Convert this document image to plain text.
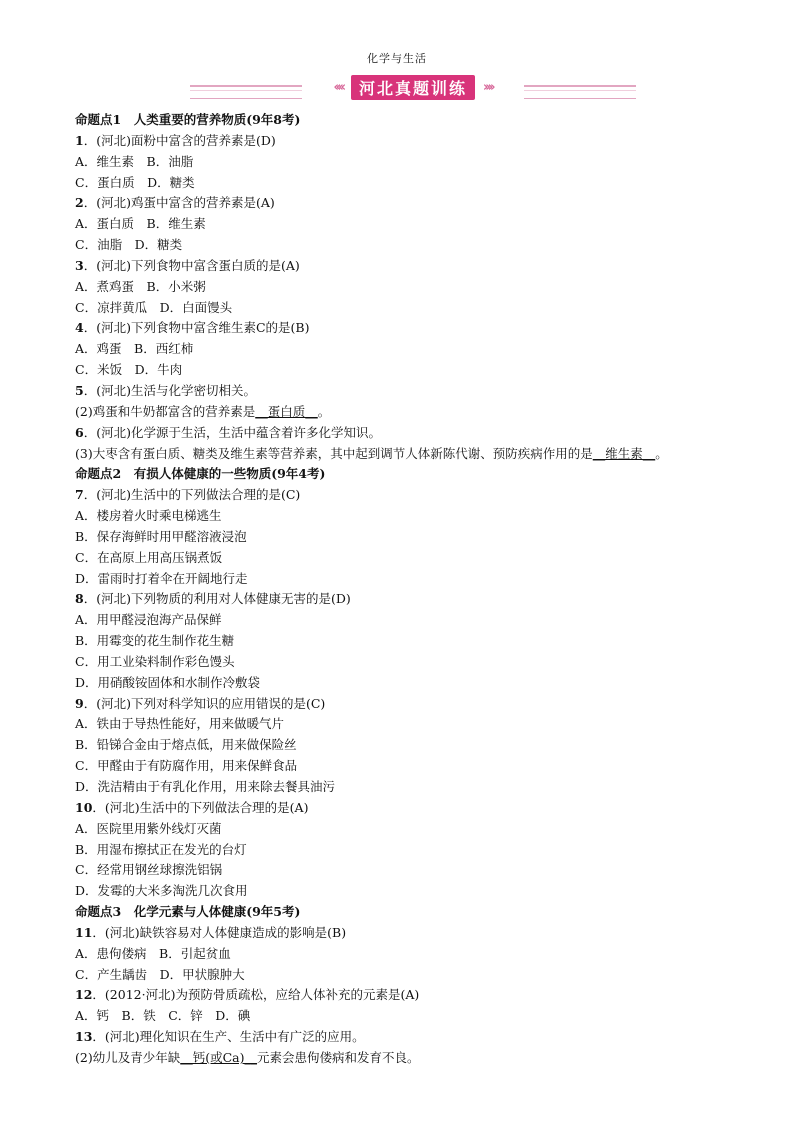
化学与生活
‹‹‹‹ 河北真题训练 ››››
命题点1　人类重要的营养物质(9年8考)
1．(河北)面粉中富含的营养素是(D)
A．维生素　B．油脂
C．蛋白质　D．糖类
2．(河北)鸡蛋中富含的营养素是(A)
A．蛋白质　B．维生素
C．油脂　D．糖类
3．(河北)下列食物中富含蛋白质的是(A)
A．煮鸡蛋　B．小米粥
C．凉拌黄瓜　D．白面馒头
4．(河北)下列食物中富含维生素C的是(B)
A．鸡蛋　B．西红柿
C．米饭　D．牛肉
5．(河北)生活与化学密切相关。
(2)鸡蛋和牛奶都富含的营养素是__蛋白质__。
6．(河北)化学源于生活，生活中蕴含着许多化学知识。
(3)大枣含有蛋白质、糖类及维生素等营养素，其中起到调节人体新陈代谢、预防疾病作用的是__维生素__。
命题点2　有损人体健康的一些物质(9年4考)
7．(河北)生活中的下列做法合理的是(C)
A．楼房着火时乘电梯逃生
B．保存海鲜时用甲醛溶液浸泡
C．在高原上用高压锅煮饭
D．雷雨时打着伞在开阔地行走
8．(河北)下列物质的利用对人体健康无害的是(D)
A．用甲醛浸泡海产品保鲜
B．用霉变的花生制作花生糖
C．用工业染料制作彩色馒头
D．用硝酸铵固体和水制作冷敷袋
9．(河北)下列对科学知识的应用错误的是(C)
A．铁由于导热性能好，用来做暖气片
B．铅锑合金由于熔点低，用来做保险丝
C．甲醛由于有防腐作用，用来保鲜食品
D．洗洁精由于有乳化作用，用来除去餐具油污
10．(河北)生活中的下列做法合理的是(A)
A．医院里用紫外线灯灭菌
B．用湿布擦拭正在发光的台灯
C．经常用钢丝球擦洗铝锅
D．发霉的大米多淘洗几次食用
命题点3　化学元素与人体健康(9年5考)
11．(河北)缺铁容易对人体健康造成的影响是(B)
A．患佝偻病　B．引起贫血
C．产生龋齿　D．甲状腺肿大
12．(2012·河北)为预防骨质疏松，应给人体补充的元素是(A)
A．钙　B．铁　C．锌　D．碘
13．(河北)理化知识在生产、生活中有广泛的应用。
(2)幼儿及青少年缺__钙(或Ca)__元素会患佝偻病和发育不良。
